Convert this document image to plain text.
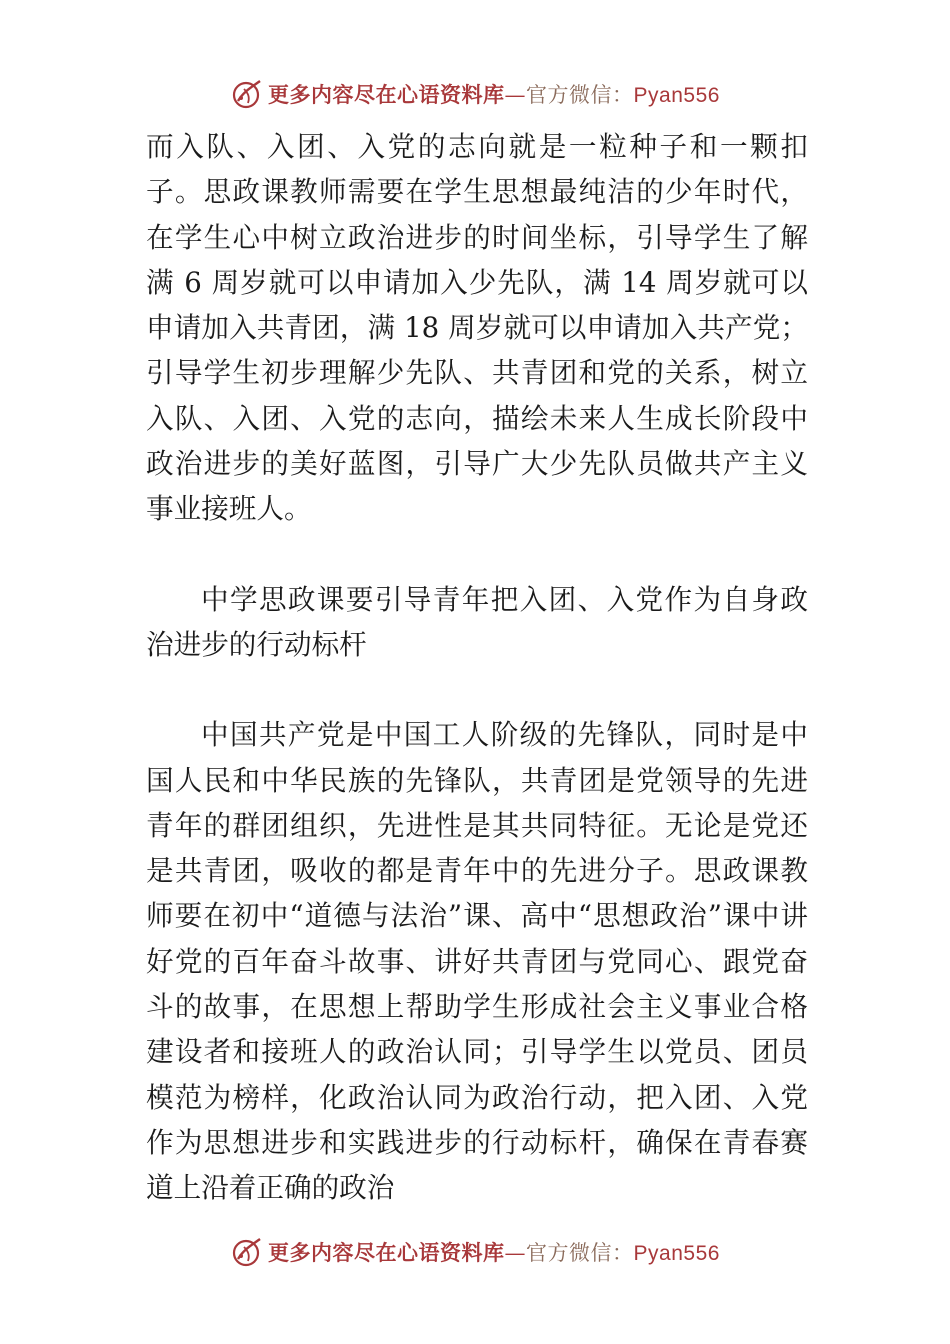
更多内容尽在心语资料库—官方微信：Pyan556

而入队、入团、入党的志向就是一粒种子和一颗扣子。思政课教师需要在学生思想最纯洁的少年时代，在学生心中树立政治进步的时间坐标，引导学生了解满 6 周岁就可以申请加入少先队，满 14 周岁就可以申请加入共青团，满 18 周岁就可以申请加入共产党；引导学生初步理解少先队、共青团和党的关系，树立入队、入团、入党的志向，描绘未来人生成长阶段中政治进步的美好蓝图，引导广大少先队员做共产主义事业接班人。

中学思政课要引导青年把入团、入党作为自身政治进步的行动标杆

中国共产党是中国工人阶级的先锋队，同时是中国人民和中华民族的先锋队，共青团是党领导的先进青年的群团组织，先进性是其共同特征。无论是党还是共青团，吸收的都是青年中的先进分子。思政课教师要在初中“道德与法治”课、高中“思想政治”课中讲好党的百年奋斗故事、讲好共青团与党同心、跟党奋斗的故事，在思想上帮助学生形成社会主义事业合格建设者和接班人的政治认同；引导学生以党员、团员模范为榜样，化政治认同为政治行动，把入团、入党作为思想进步和实践进步的行动标杆，确保在青春赛道上沿着正确的政治

更多内容尽在心语资料库—官方微信：Pyan556
